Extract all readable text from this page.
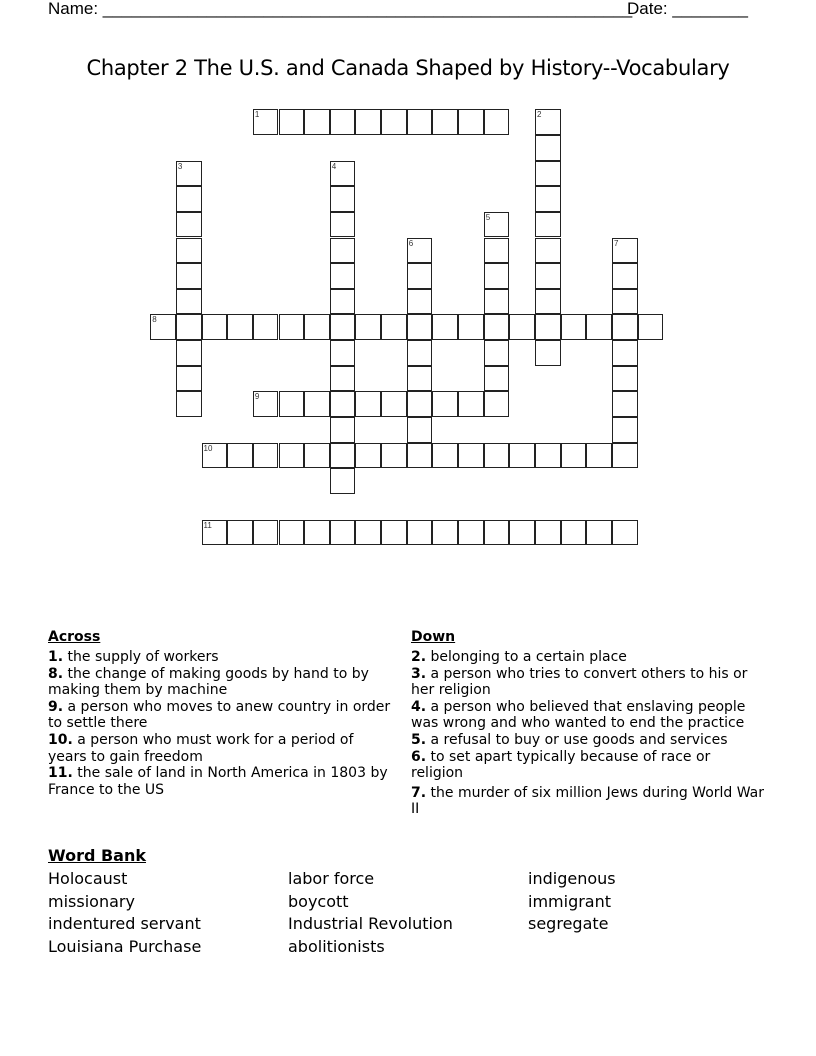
Name: ________________________________________________________
Date: ________
Chapter 2 The U.S. and Canada Shaped by History--Vocabulary
1	2
3	4
5
6	7
8
9
10
11
Across

1. the supply of workers

8. the change of making goods by hand to by making them by machine

9. a person who moves to anew country in order to settle there

10. a person who must work for a period of years to gain freedom

11. the sale of land in North America in 1803 by France to the US

Down

2. belonging to a certain place

3. a person who tries to convert others to his or her religion

4. a person who believed that enslaving people was wrong and who wanted to end the practice

5. a refusal to buy or use goods and services

6. to set apart typically because of race or religion

7. the murder of six million Jews during World War II

Word Bank
Holocaust	labor force	indigenous
missionary	boycott	immigrant
indentured servant	Industrial Revolution	segregate
Louisiana Purchase	abolitionists
